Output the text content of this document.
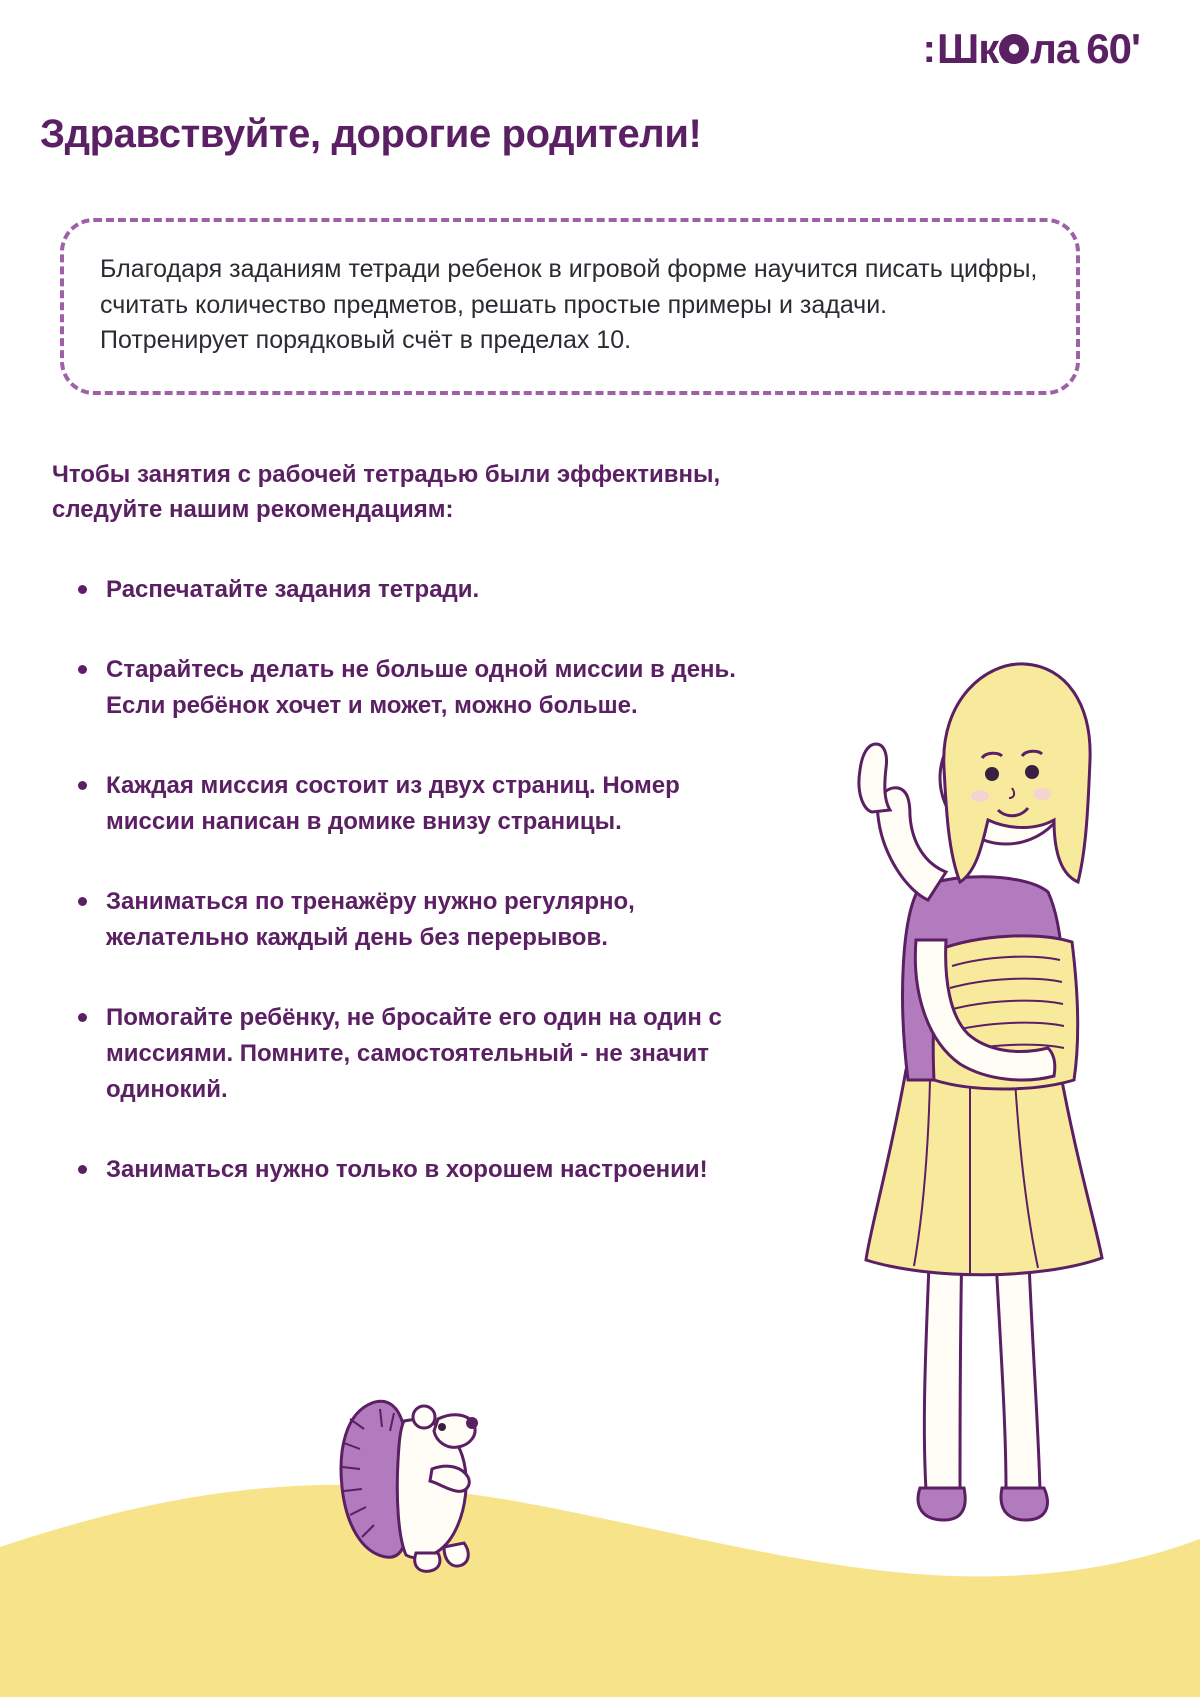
: Шк ла 60'
Здравствуйте, дорогие родители!

Благодаря заданиям тетради ребенок в игровой форме научится писать цифры, считать количество предметов, решать простые примеры и задачи.

Потренирует порядковый счёт в пределах 10.

Чтобы занятия с рабочей тетрадью были эффективны, следуйте нашим рекомендациям:
Распечатайте задания тетради.
Старайтесь делать не больше одной миссии в день. Если ребёнок хочет и может, можно больше.
Каждая миссия состоит из двух страниц. Номер миссии написан в домике внизу страницы.
Заниматься по тренажёру нужно регулярно, желательно каждый день без перерывов.
Помогайте ребёнку, не бросайте его один на один с миссиями. Помните, самостоятельный - не значит одинокий.
Заниматься нужно только в хорошем настроении!
